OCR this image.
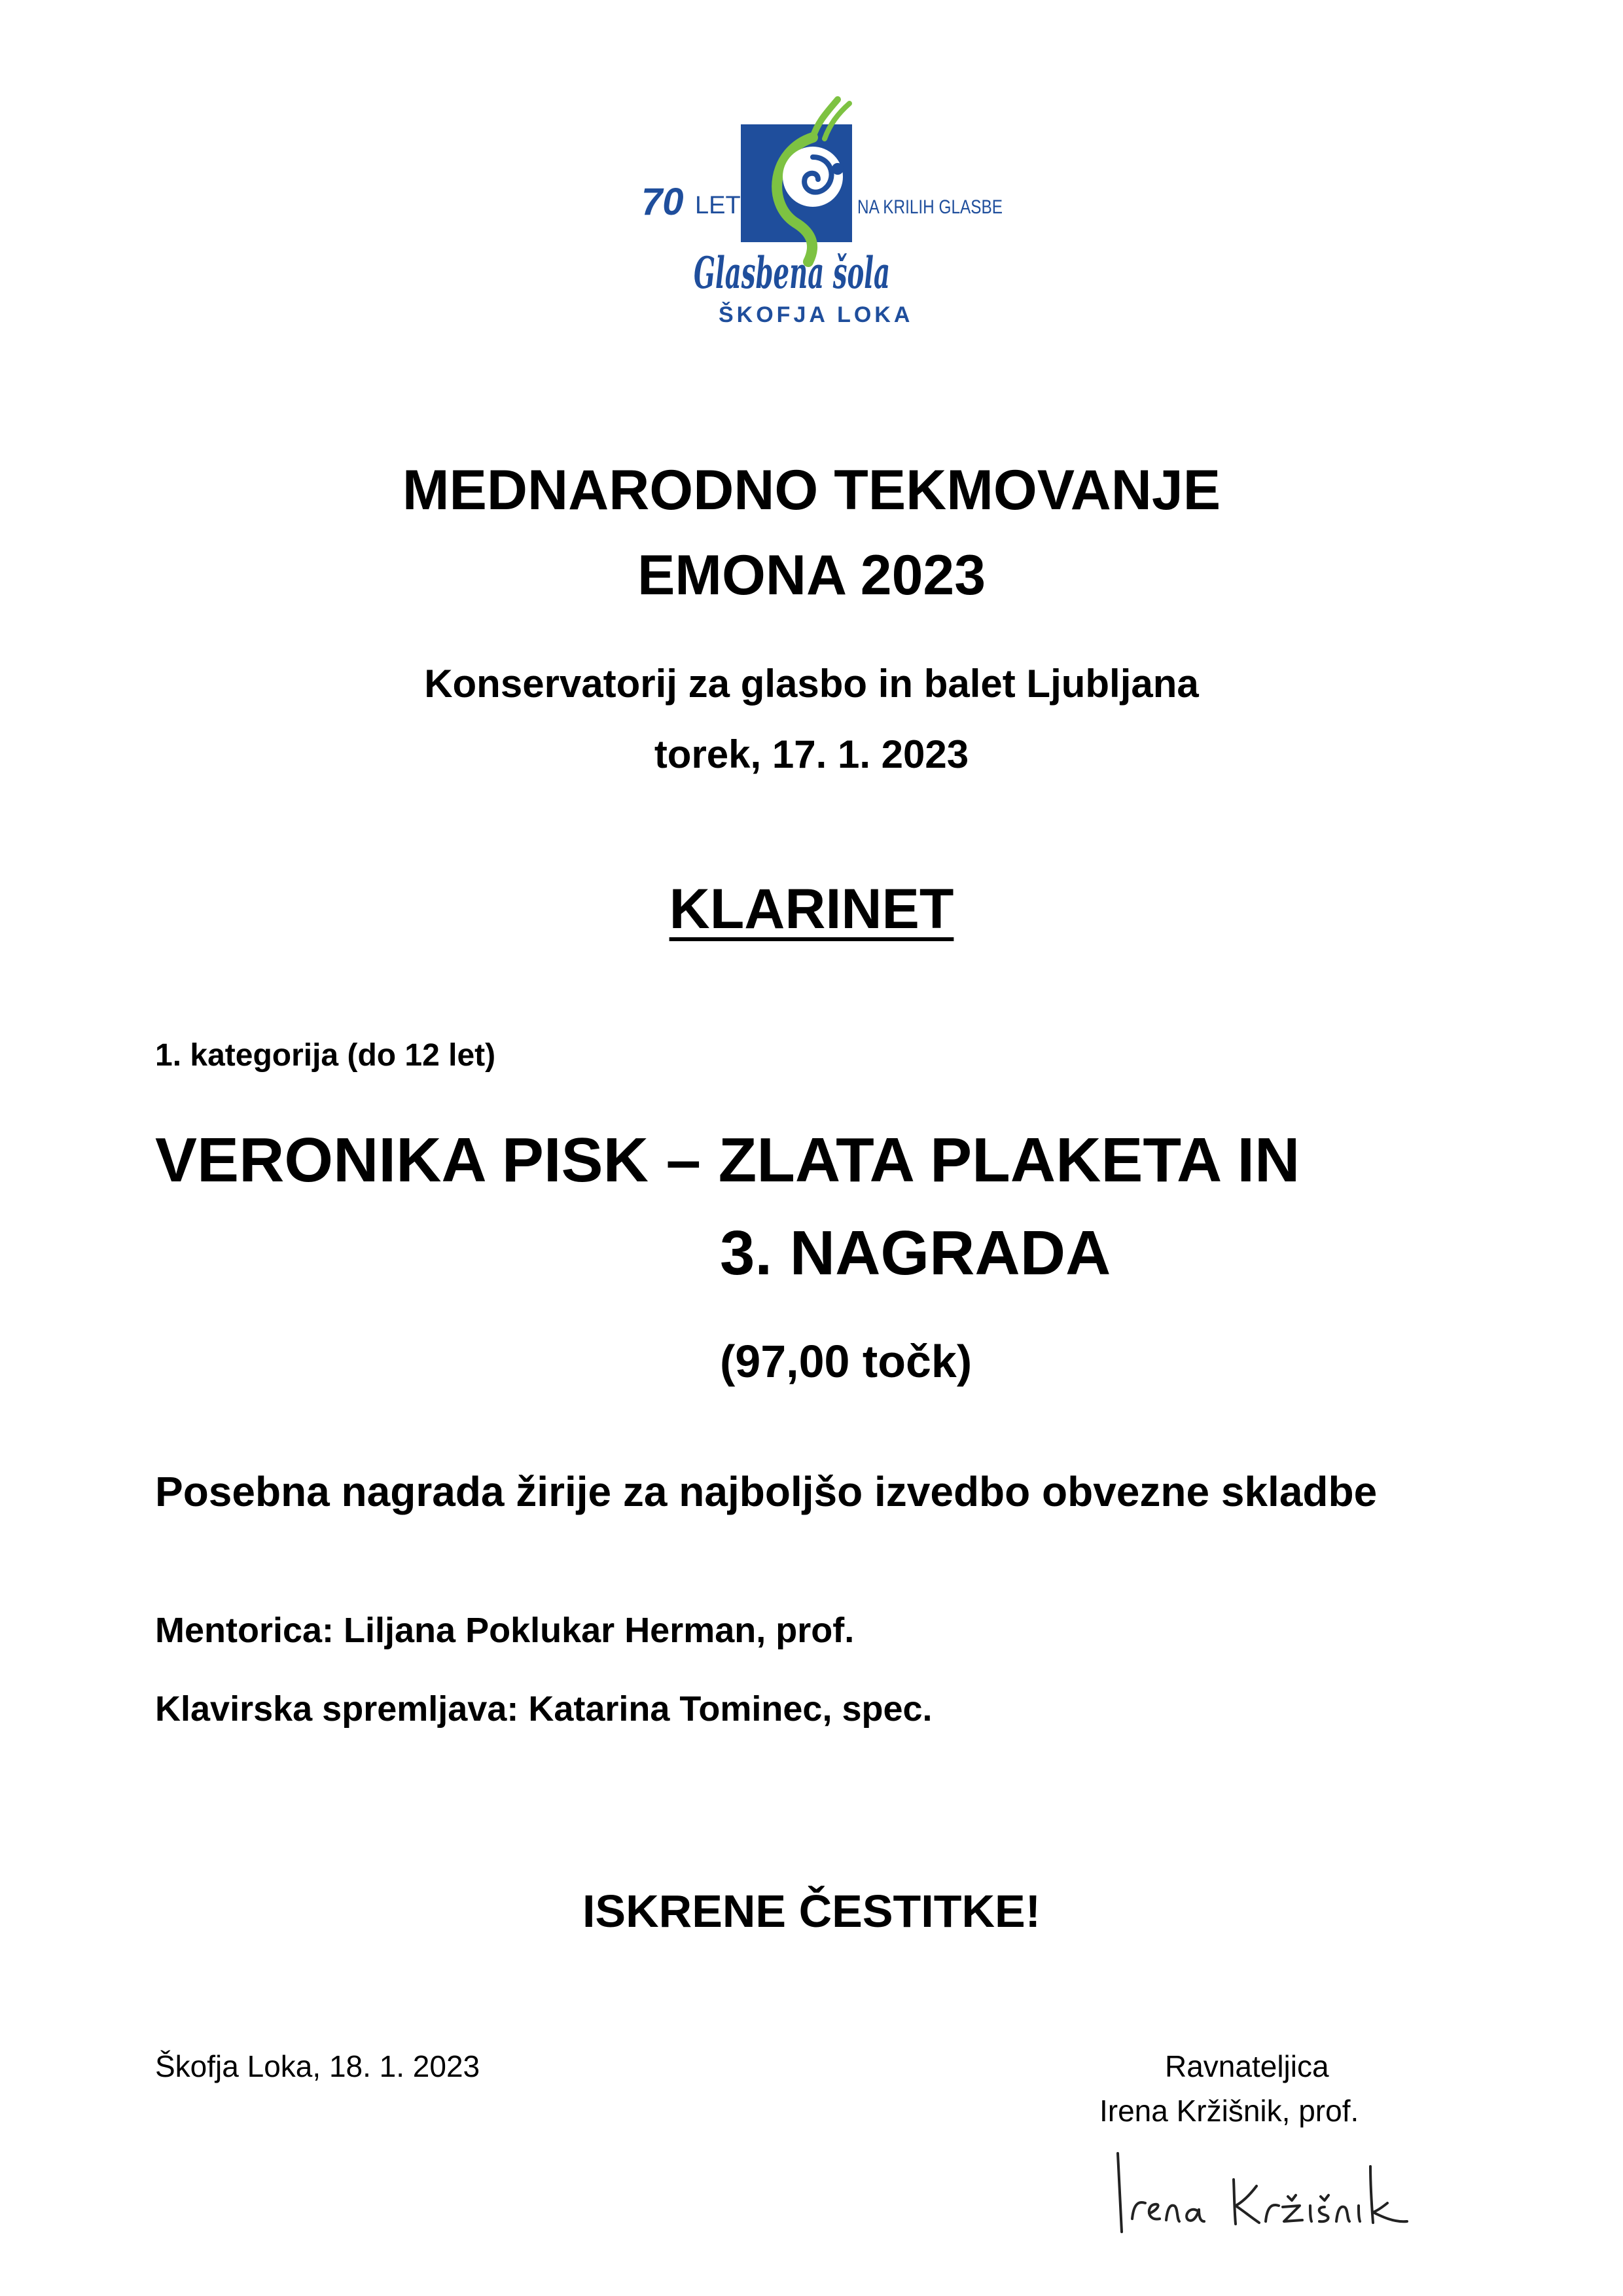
70 LET	NA KRILIH GLASBE
Glasbena šola
ŠKOFJA LOKA
MEDNARODNO TEKMOVANJE
EMONA 2023
Konservatorij za glasbo in balet Ljubljana
torek, 17. 1. 2023
KLARINET
1. kategorija (do 12 let)
VERONIKA PISK – ZLATA PLAKETA IN
3. NAGRADA
(97,00 točk)
Posebna nagrada žirije za najboljšo izvedbo obvezne skladbe
Mentorica: Liljana Poklukar Herman, prof.
Klavirska spremljava: Katarina Tominec, spec.
ISKRENE ČESTITKE!
Škofja Loka, 18. 1. 2023	Ravnateljica
Irena Kržišnik, prof.
